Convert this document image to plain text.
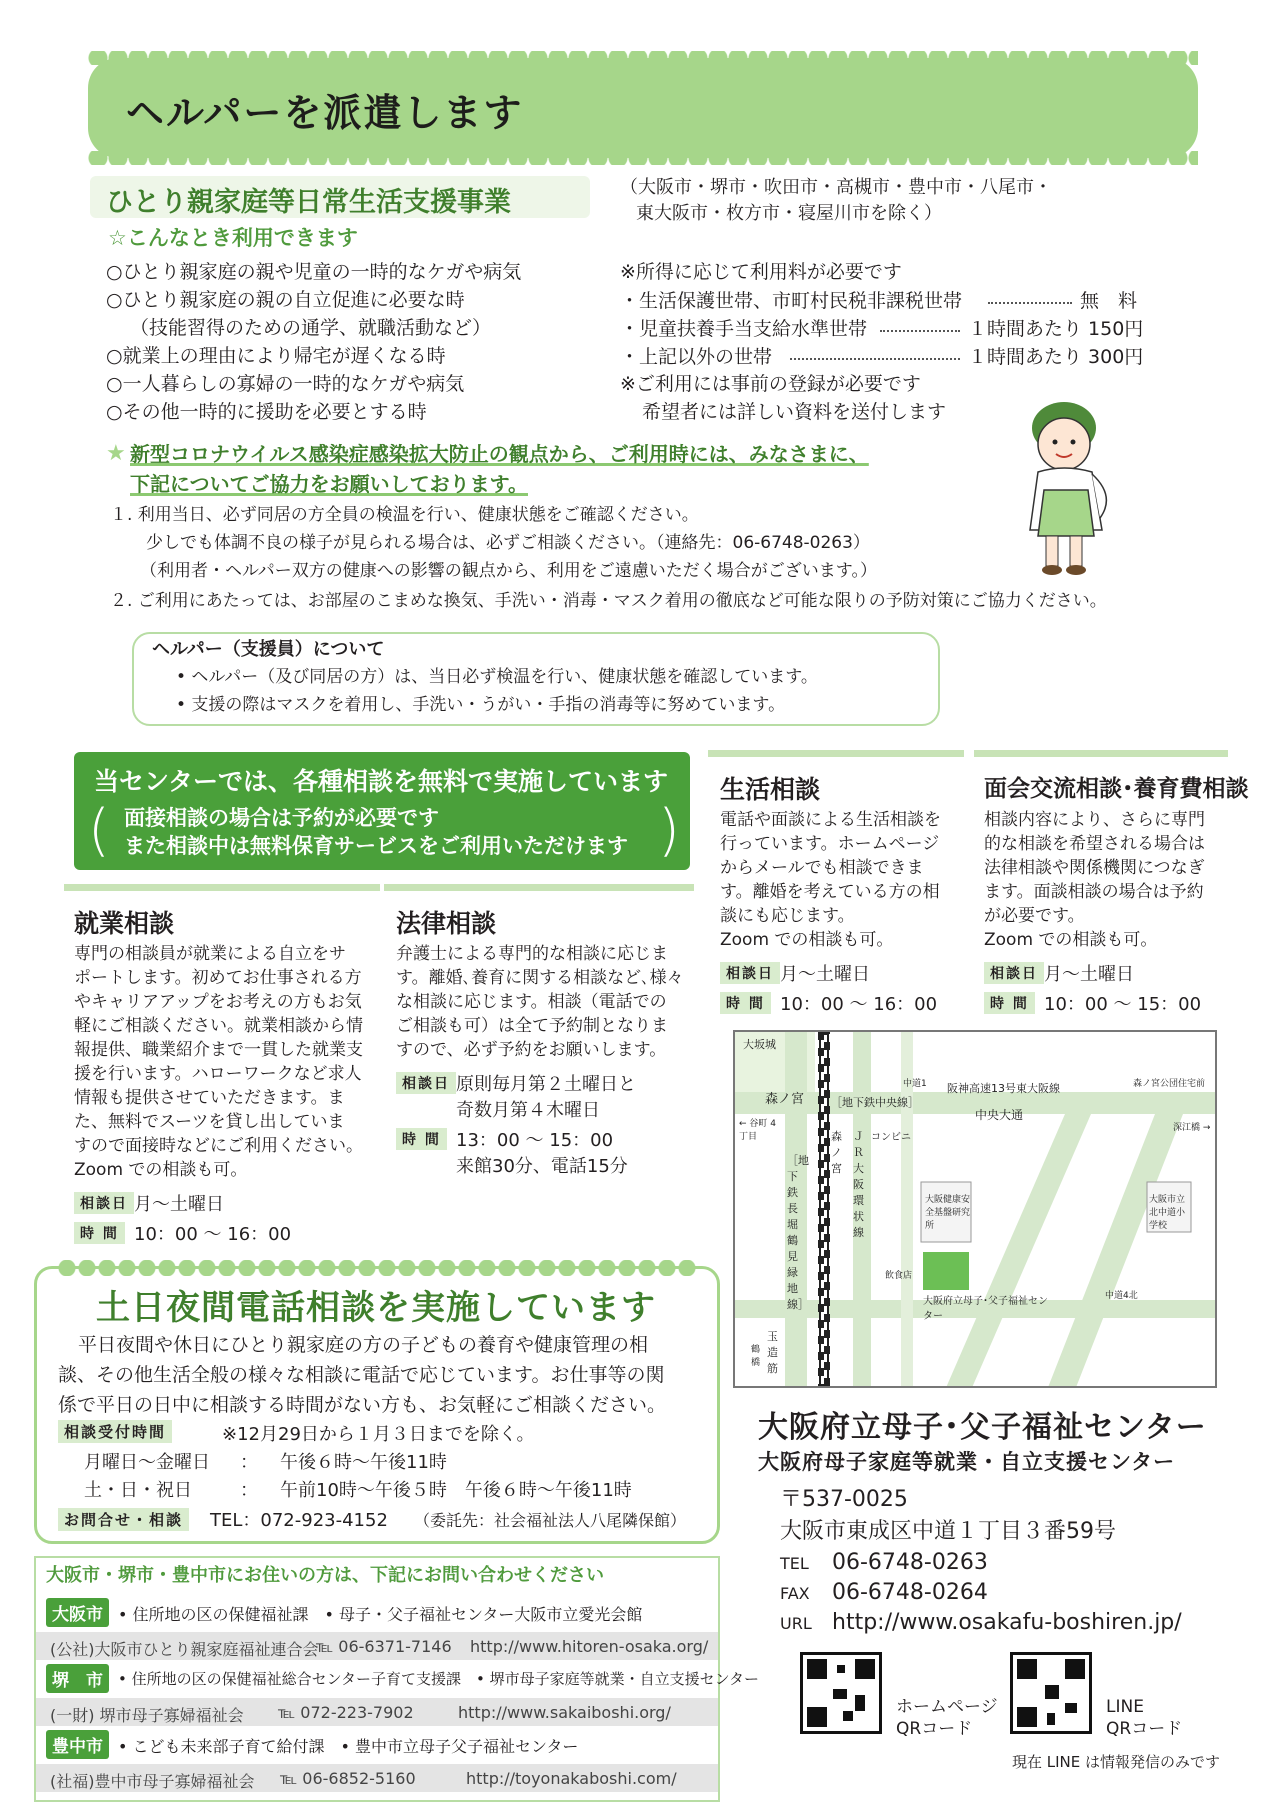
ヘルパーを派遣します
ひとり親家庭等日常生活支援事業	（大阪市・堺市・吹田市・高槻市・豊中市・八尾市・
東大阪市・枚方市・寝屋川市を除く）
☆こんなとき利用できます
○ひとり親家庭の親や児童の一時的なケガや病気
○ひとり親家庭の親の自立促進に必要な時
（技能習得のための通学、就職活動など）
○就業上の理由により帰宅が遅くなる時
○一人暮らしの寡婦の一時的なケガや病気
○その他一時的に援助を必要とする時
※所得に応じて利用料が必要です
・生活保護世帯、市町村民税非課税世帯	無　料
・児童扶養手当支給水準世帯	１時間あたり 150円
・上記以外の世帯	１時間あたり 300円
※ご利用には事前の登録が必要です
希望者には詳しい資料を送付します
★ 新型コロナウイルス感染症感染拡大防止の観点から、ご利用時には、みなさまに、
下記についてご協力をお願いしております。
１. 利用当日、必ず同居の方全員の検温を行い、健康状態をご確認ください。
少しでも体調不良の様子が見られる場合は、必ずご相談ください。（連絡先：06-6748-0263）
（利用者・ヘルパー双方の健康への影響の観点から、利用をご遠慮いただく場合がございます。）
２. ご利用にあたっては、お部屋のこまめな換気、手洗い・消毒・マスク着用の徹底など可能な限りの予防対策にご協力ください。
ヘルパー（支援員）について
• ヘルパー（及び同居の方）は、当日必ず検温を行い、健康状態を確認しています。
• 支援の際はマスクを着用し、手洗い・うがい・手指の消毒等に努めています。
当センターでは、各種相談を無料で実施しています
( 面接相談の場合は予約が必要です
また相談中は無料保育サービスをご利用いただけます )
生活相談
電話や面談による生活相談を
行っています。ホームページ
からメールでも相談できま
す。離婚を考えている方の相
談にも応じます。
Zoom での相談も可。
相談日 月〜土曜日
時 間 10：00 〜 16：00
面会交流相談･養育費相談
相談内容により、さらに専門
的な相談を希望される場合は
法律相談や関係機関につなぎ
ます。面談相談の場合は予約
が必要です。
Zoom での相談も可。
相談日 月〜土曜日
時 間 10：00 〜 15：00
就業相談
専門の相談員が就業による自立をサ
ポートします。初めてお仕事される方
やキャリアアップをお考えの方もお気
軽にご相談ください。就業相談から情
報提供、職業紹介まで一貫した就業支
援を行います。ハローワークなど求人
情報も提供させていただきます。ま
た、無料でスーツを貸し出していま
すので面接時などにご利用ください。
Zoom での相談も可。
相談日 月〜土曜日
時 間 10：00 〜 16：00
法律相談
弁護士による専門的な相談に応じま
す。離婚､養育に関する相談など､様々
な相談に応じます。相談（電話での
ご相談も可）は全て予約制となりま
すので、必ず予約をお願いします。
相談日 原則毎月第２土曜日と
奇数月第４木曜日
時 間 13：00 〜 15：00
来館30分、電話15分
土日夜間電話相談を実施しています
平日夜間や休日にひとり親家庭の方の子どもの養育や健康管理の相
談、その他生活全般の様々な相談に電話で応じています。お仕事等の関
係で平日の日中に相談する時間がない方も、お気軽にご相談ください。
相談受付時間	※12月29日から１月３日までを除く。
月曜日〜金曜日 ： 午後６時〜午後11時
土・日・祝日	： 午前10時〜午後５時　午後６時〜午後11時
お問合せ・相談	TEL：072-923-4152 （委託先：社会福祉法人八尾隣保館）
大阪市・堺市・豊中市にお住いの方は、下記にお問い合わせください
大阪市 • 住所地の区の保健福祉課　• 母子・父子福祉センター大阪市立愛光会館
(公社)大阪市ひとり親家庭福祉連合会
℡ 06-6371-7146 http://www.hitoren-osaka.org/
堺　市	• 住所地の区の保健福祉総合センター子育て支援課　• 堺市母子家庭等就業・自立支援センター
(一財) 堺市母子寡婦福祉会 ℡ 072-223-7902	http://www.sakaiboshi.org/
豊中市 • こども未来部子育て給付課　• 豊中市立母子父子福祉センター
(社福)豊中市母子寡婦福祉会 ℡ 06-6852-5160	http://toyonakaboshi.com/
大坂城
森ノ宮 ［地下鉄中央線］
阪神高速13号東大阪線
中道1	森ノ宮公団住宅前
← 谷町 4丁目	コンビニ
中央大通
深江橋 →
ＪＲ大阪環状線
森ノ宮
［地下鉄長堀鶴見緑地線］
大阪健康安全基盤研究所
大阪市立北中道小学校
飲食店
大阪府立母子･父子福祉センター
中道4北
玉造筋
鶴橋
大阪府立母子･父子福祉センター
大阪府母子家庭等就業・自立支援センター
〒537-0025
大阪市東成区中道１丁目３番59号
TEL 06-6748-0263
FAX 06-6748-0264
URL http://www.osakafu-boshiren.jp/
ホームページ
QRコード
LINE
QRコード
現在 LINE は情報発信のみです
